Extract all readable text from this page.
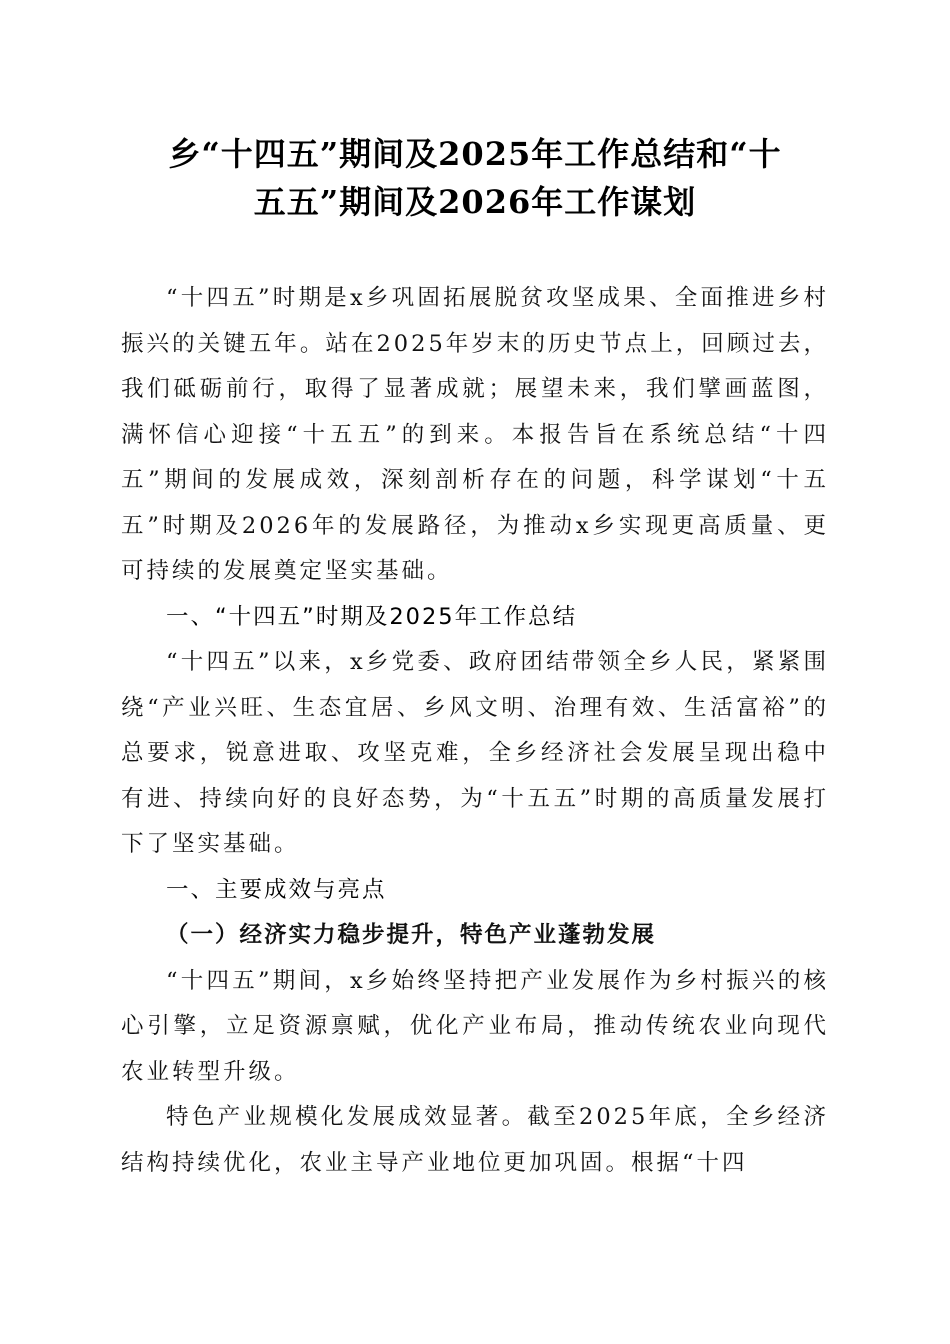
乡“十四五”期间及2025年工作总结和“十
五五”期间及2026年工作谋划

“十四五”时期是x乡巩固拓展脱贫攻坚成果、全面推进乡村振兴的关键五年。站在2025年岁末的历史节点上，回顾过去，我们砥砺前行，取得了显著成就；展望未来，我们擘画蓝图，满怀信心迎接“十五五”的到来。本报告旨在系统总结“十四五”期间的发展成效，深刻剖析存在的问题，科学谋划“十五五”时期及2026年的发展路径，为推动x乡实现更高质量、更可持续的发展奠定坚实基础。

一、“十四五”时期及2025年工作总结

“十四五”以来，x乡党委、政府团结带领全乡人民，紧紧围绕“产业兴旺、生态宜居、乡风文明、治理有效、生活富裕”的总要求，锐意进取、攻坚克难，全乡经济社会发展呈现出稳中有进、持续向好的良好态势，为“十五五”时期的高质量发展打下了坚实基础。

一、主要成效与亮点

（一）经济实力稳步提升，特色产业蓬勃发展

“十四五”期间，x乡始终坚持把产业发展作为乡村振兴的核心引擎，立足资源禀赋，优化产业布局，推动传统农业向现代农业转型升级。

特色产业规模化发展成效显著。截至2025年底，全乡经济结构持续优化，农业主导产业地位更加巩固。根据“十四
